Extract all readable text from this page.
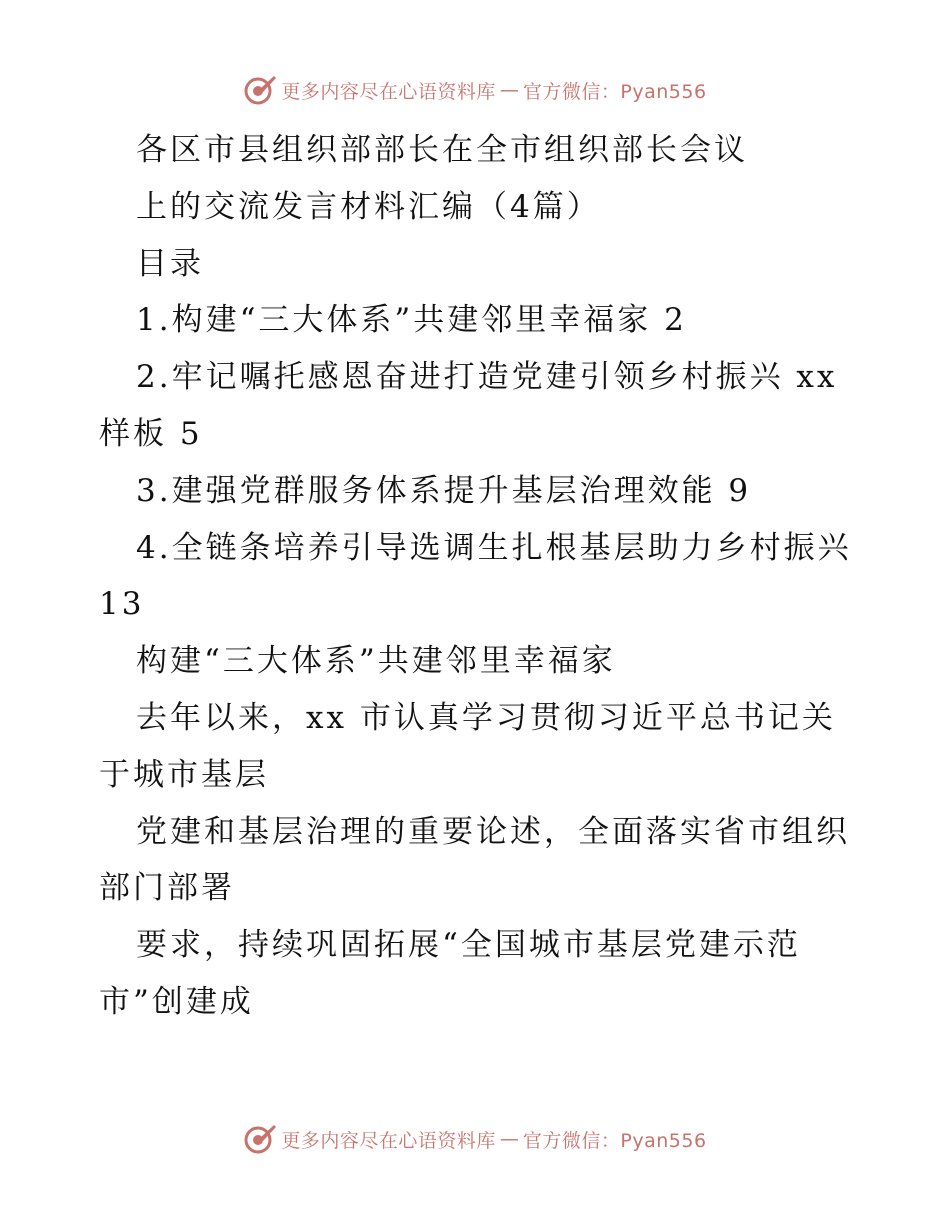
更多内容尽在心语资料库 — 官方微信：Pyan556
各区市县组织部部长在全市组织部长会议
上的交流发言材料汇编（4篇）
目录
1.构建“三大体系”共建邻里幸福家 2
2.牢记嘱托感恩奋进打造党建引领乡村振兴 xx
样板 5
3.建强党群服务体系提升基层治理效能 9
4.全链条培养引导选调生扎根基层助力乡村振兴
13
构建“三大体系”共建邻里幸福家
去年以来，xx 市认真学习贯彻习近平总书记关
于城市基层
党建和基层治理的重要论述，全面落实省市组织
部门部署
要求，持续巩固拓展“全国城市基层党建示范
市”创建成
更多内容尽在心语资料库 — 官方微信：Pyan556
